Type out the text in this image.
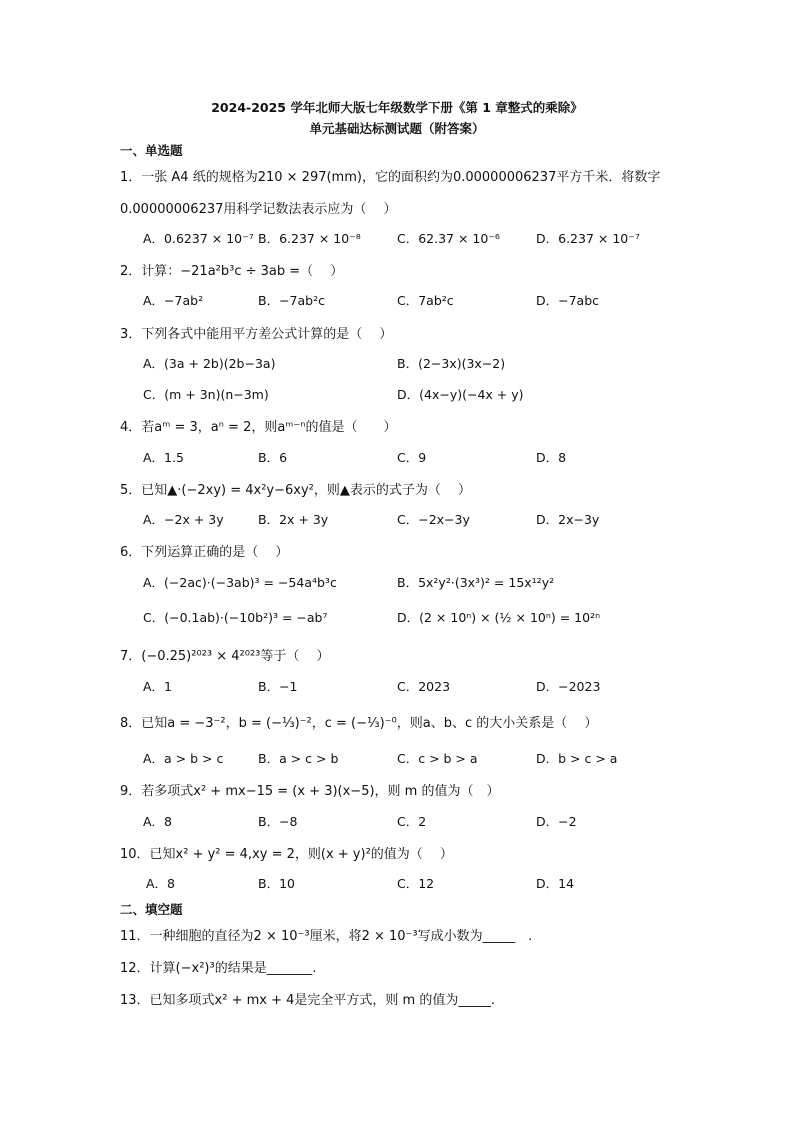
2024-2025 学年北师大版七年级数学下册《第 1 章整式的乘除》
单元基础达标测试题（附答案）
一、单选题
1．一张 A4 纸的规格为210 × 297(mm)，它的面积约为0.00000006237平方千米．将数字
0.00000006237用科学记数法表示应为（　 ）
A．0.6237 × 10⁻⁷ B．6.237 × 10⁻⁸	C．62.37 × 10⁻⁶	D．6.237 × 10⁻⁷
2．计算：−21a²b³c ÷ 3ab =（　 ）
A．−7ab²	B．−7ab²c	C．7ab²c	D．−7abc
3．下列各式中能用平方差公式计算的是（　 ）
A．(3a + 2b)(2b−3a)	B．(2−3x)(3x−2)
C．(m + 3n)(n−3m)	D．(4x−y)(−4x + y)
4．若aᵐ = 3，aⁿ = 2，则aᵐ⁻ⁿ的值是（　　）
A．1.5	B．6	C．9	D．8
5．已知▲·(−2xy) = 4x²y−6xy²，则▲表示的式子为（　 ）
A．−2x + 3y	B．2x + 3y	C．−2x−3y	D．2x−3y
6．下列运算正确的是（　 ）
A．(−2ac)·(−3ab)³ = −54a⁴b³c	B．5x²y²·(3x³)² = 15x¹²y²
C．(−0.1ab)·(−10b²)³ = −ab⁷	D．(2 × 10ⁿ) × (½ × 10ⁿ) = 10²ⁿ
7．(−0.25)²⁰²³ × 4²⁰²³等于（　 ）
A．1	B．−1	C．2023	D．−2023
8．已知a = −3⁻²，b = (−⅓)⁻²，c = (−⅓)⁻⁰，则a、b、c 的大小关系是（　 ）
A．a > b > c	B．a > c > b	C．c > b > a	D．b > c > a
9．若多项式x² + mx−15 = (x + 3)(x−5)，则 m 的值为（　）
A．8	B．−8	C．2	D．−2
10．已知x² + y² = 4,xy = 2，则(x + y)²的值为（　 ）
A．8	B．10	C．12	D．14
二、填空题
11．一种细胞的直径为2 × 10⁻³厘米，将2 × 10⁻³写成小数为_____　.
12．计算(−x²)³的结果是_______.
13．已知多项式x² + mx + 4是完全平方式，则 m 的值为_____.
